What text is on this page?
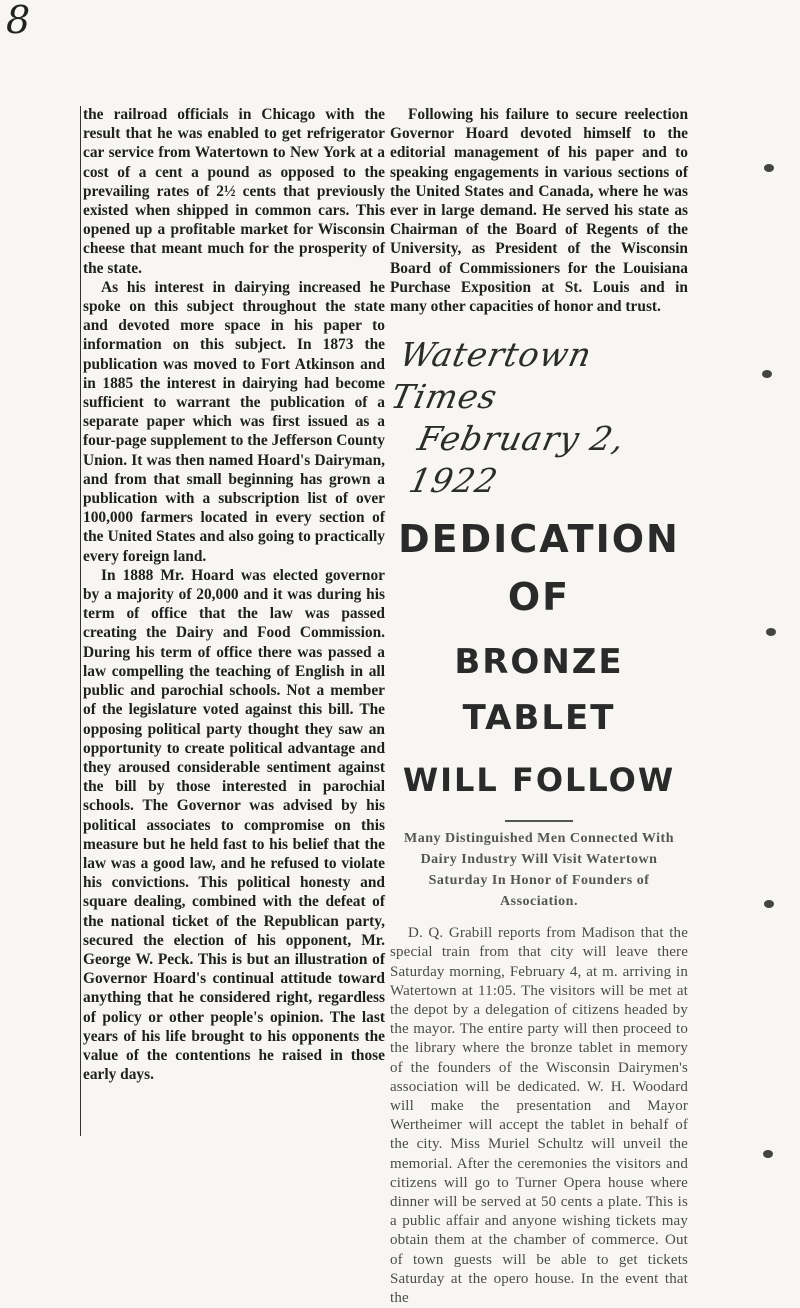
8

the railroad officials in Chicago with the result that he was enabled to get refrigerator car service from Watertown to New York at a cost of a cent a pound as opposed to the prevailing rates of 2½ cents that previously existed when shipped in common cars. This opened up a profitable market for Wisconsin cheese that meant much for the prosperity of the state.

As his interest in dairying increased he spoke on this subject throughout the state and devoted more space in his paper to information on this subject. In 1873 the publication was moved to Fort Atkinson and in 1885 the interest in dairying had become sufficient to warrant the publication of a separate paper which was first issued as a four-page supplement to the Jefferson County Union. It was then named Hoard's Dairyman, and from that small beginning has grown a publication with a subscription list of over 100,000 farmers located in every section of the United States and also going to practically every foreign land.

In 1888 Mr. Hoard was elected governor by a majority of 20,000 and it was during his term of office that the law was passed creating the Dairy and Food Commission. During his term of office there was passed a law compelling the teaching of English in all public and parochial schools. Not a member of the legislature voted against this bill. The opposing political party thought they saw an opportunity to create political advantage and they aroused considerable sentiment against the bill by those interested in parochial schools. The Governor was advised by his political associates to compromise on this measure but he held fast to his belief that the law was a good law, and he refused to violate his convictions. This political honesty and square dealing, combined with the defeat of the national ticket of the Republican party, secured the election of his opponent, Mr. George W. Peck. This is but an illustration of Governor Hoard's continual attitude toward anything that he considered right, regardless of policy or other people's opinion. The last years of his life brought to his opponents the value of the contentions he raised in those early days.

Following his failure to secure reelection Governor Hoard devoted himself to the editorial management of his paper and to speaking engagements in various sections of the United States and Canada, where he was ever in large demand. He served his state as Chairman of the Board of Regents of the University, as President of the Wisconsin Board of Commissioners for the Louisiana Purchase Exposition at St. Louis and in many other capacities of honor and trust.

Watertown Times
February 2, 1922
DEDICATION OF
BRONZE TABLET
WILL FOLLOW

Many Distinguished Men Connected With Dairy Industry Will Visit Watertown Saturday In Honor of Founders of Association.

D. Q. Grabill reports from Madison that the special train from that city will leave there Saturday morning, February 4, at m. arriving in Watertown at 11:05. The visitors will be met at the depot by a delegation of citizens headed by the mayor. The entire party will then proceed to the library where the bronze tablet in memory of the founders of the Wisconsin Dairymen's association will be dedicated. W. H. Woodard will make the presentation and Mayor Wertheimer will accept the tablet in behalf of the city. Miss Muriel Schultz will unveil the memorial. After the ceremonies the visitors and citizens will go to Turner Opera house where dinner will be served at 50 cents a plate. This is a public affair and anyone wishing tickets may obtain them at the chamber of commerce. Out of town guests will be able to get tickets Saturday at the opero house. In the event that the
